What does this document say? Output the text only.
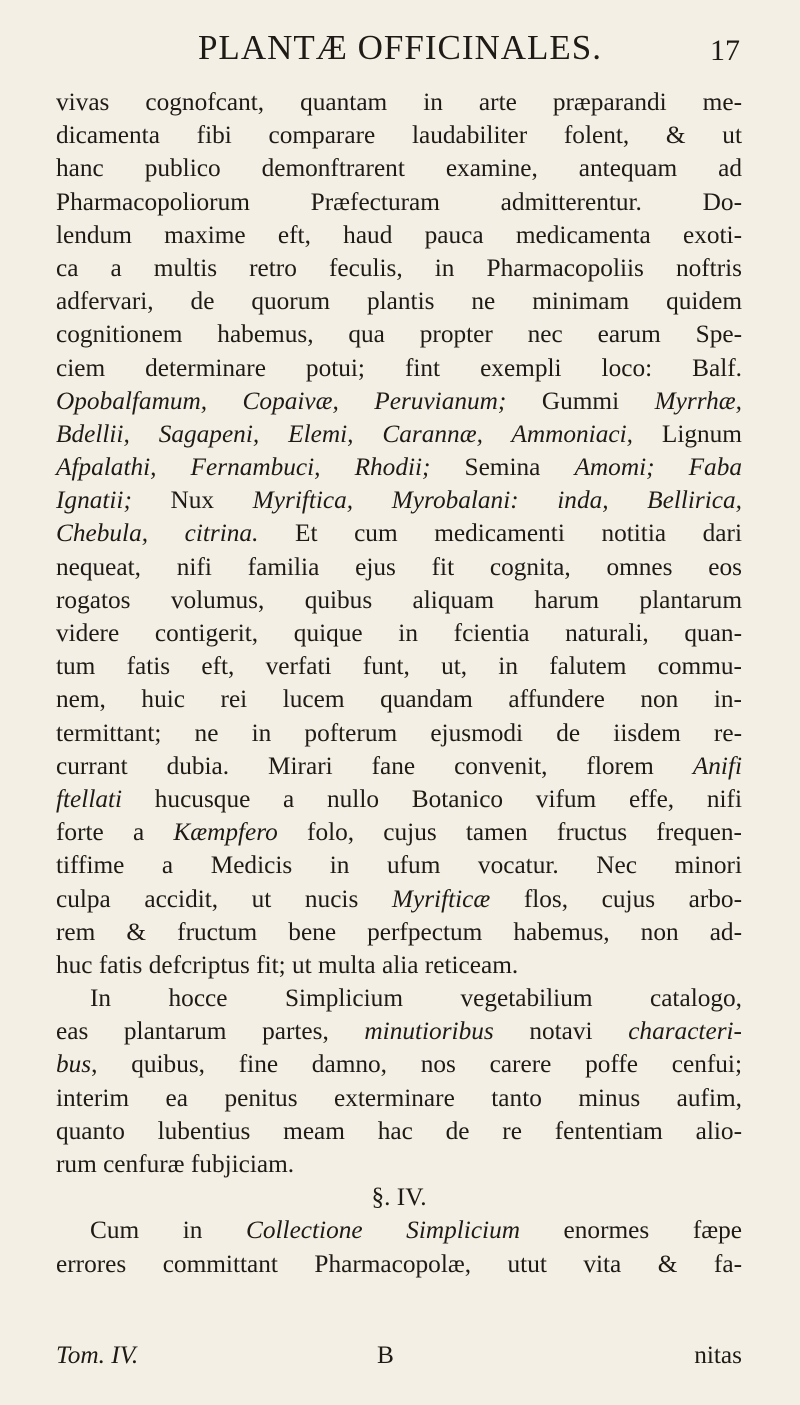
PLANTÆ OFFICINALES.	17
vivas cognofcant, quantam in arte præparandi me-
dicamenta fibi comparare laudabiliter folent, & ut
hanc publico demonftrarent examine, antequam ad
Pharmacopoliorum Præfecturam admitterentur. Do-
lendum maxime eft, haud pauca medicamenta exoti-
ca a multis retro feculis, in Pharmacopoliis noftris
adfervari, de quorum plantis ne minimam quidem
cognitionem habemus, qua propter nec earum Spe-
ciem determinare potui; fint exempli loco: Balf.
Opobalfamum, Copaivæ, Peruvianum; Gummi Myrrhæ,
Bdellii, Sagapeni, Elemi, Carannæ, Ammoniaci, Lignum
Afpalathi, Fernambuci, Rhodii; Semina Amomi; Faba
Ignatii; Nux Myriftica, Myrobalani: inda, Bellirica,
Chebula, citrina. Et cum medicamenti notitia dari
nequeat, nifi familia ejus fit cognita, omnes eos
rogatos volumus, quibus aliquam harum plantarum
videre contigerit, quique in fcientia naturali, quan-
tum fatis eft, verfati funt, ut, in falutem commu-
nem, huic rei lucem quandam affundere non in-
termittant; ne in pofterum ejusmodi de iisdem re-
currant dubia. Mirari fane convenit, florem Anifi
ftellati hucusque a nullo Botanico vifum effe, nifi
forte a Kæmpfero folo, cujus tamen fructus frequen-
tiffime a Medicis in ufum vocatur. Nec minori
culpa accidit, ut nucis Myrifticæ flos, cujus arbo-
rem & fructum bene perfpectum habemus, non ad-
huc fatis defcriptus fit; ut multa alia reticeam.
In hocce Simplicium vegetabilium catalogo,
eas plantarum partes, minutioribus notavi characteri-
bus, quibus, fine damno, nos carere poffe cenfui;
interim ea penitus exterminare tanto minus aufim,
quanto lubentius meam hac de re fententiam alio-
rum cenfuræ fubjiciam.
§. IV.
Cum in Collectione Simplicium enormes fæpe
errores committant Pharmacopolæ, utut vita & fa-
Tom. IV.	B	nitas
